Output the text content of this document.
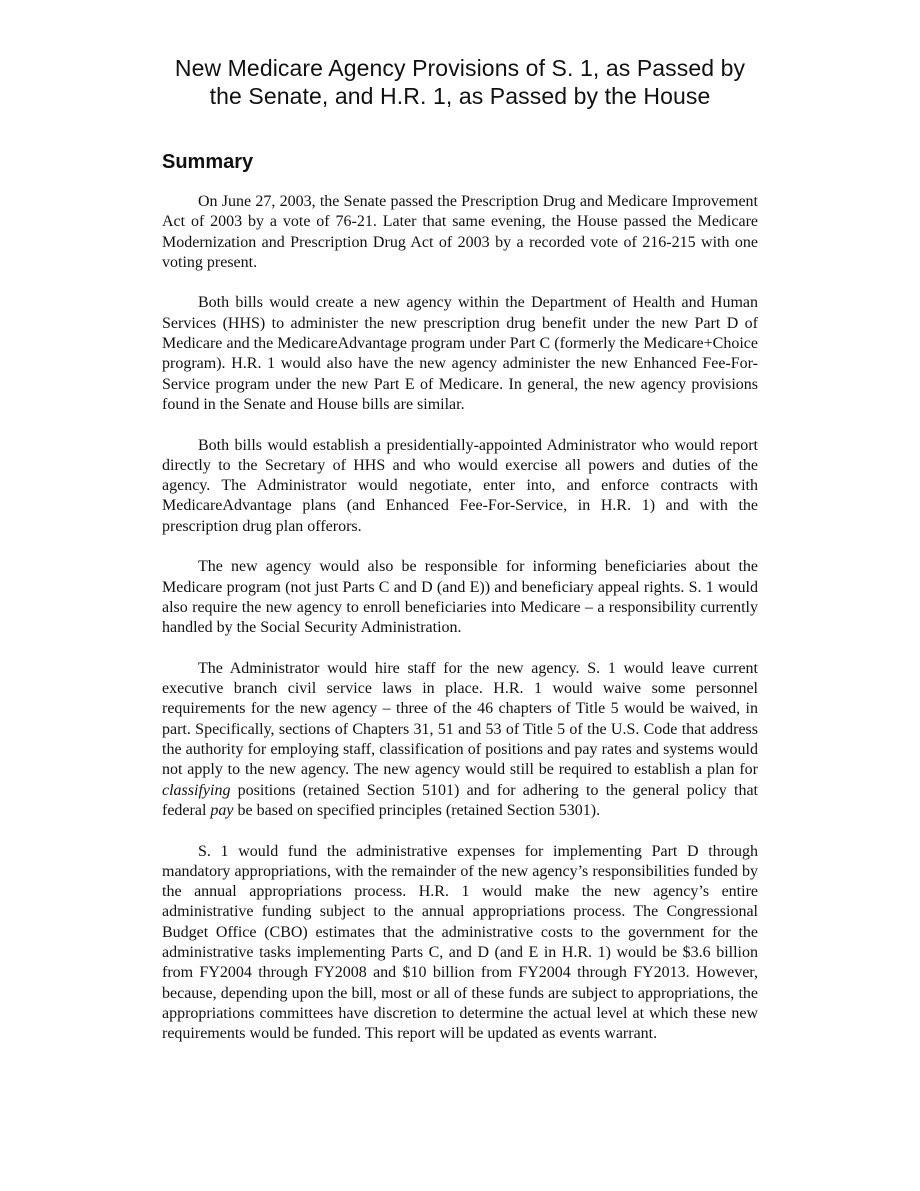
New Medicare Agency Provisions of S. 1, as Passed by
the Senate, and H.R. 1, as Passed by the House
Summary

On June 27, 2003, the Senate passed the Prescription Drug and Medicare Improvement Act of 2003 by a vote of 76-21. Later that same evening, the House passed the Medicare Modernization and Prescription Drug Act of 2003 by a recorded vote of 216-215 with one voting present.

Both bills would create a new agency within the Department of Health and Human Services (HHS) to administer the new prescription drug benefit under the new Part D of Medicare and the MedicareAdvantage program under Part C (formerly the Medicare+Choice program). H.R. 1 would also have the new agency administer the new Enhanced Fee-For-Service program under the new Part E of Medicare. In general, the new agency provisions found in the Senate and House bills are similar.

Both bills would establish a presidentially-appointed Administrator who would report directly to the Secretary of HHS and who would exercise all powers and duties of the agency. The Administrator would negotiate, enter into, and enforce contracts with MedicareAdvantage plans (and Enhanced Fee-For-Service, in H.R. 1) and with the prescription drug plan offerors.

The new agency would also be responsible for informing beneficiaries about the Medicare program (not just Parts C and D (and E)) and beneficiary appeal rights. S. 1 would also require the new agency to enroll beneficiaries into Medicare – a responsibility currently handled by the Social Security Administration.

The Administrator would hire staff for the new agency. S. 1 would leave current executive branch civil service laws in place. H.R. 1 would waive some personnel requirements for the new agency – three of the 46 chapters of Title 5 would be waived, in part. Specifically, sections of Chapters 31, 51 and 53 of Title 5 of the U.S. Code that address the authority for employing staff, classification of positions and pay rates and systems would not apply to the new agency. The new agency would still be required to establish a plan for classifying positions (retained Section 5101) and for adhering to the general policy that federal pay be based on specified principles (retained Section 5301).

S. 1 would fund the administrative expenses for implementing Part D through mandatory appropriations, with the remainder of the new agency’s responsibilities funded by the annual appropriations process. H.R. 1 would make the new agency’s entire administrative funding subject to the annual appropriations process. The Congressional Budget Office (CBO) estimates that the administrative costs to the government for the administrative tasks implementing Parts C, and D (and E in H.R. 1) would be $3.6 billion from FY2004 through FY2008 and $10 billion from FY2004 through FY2013. However, because, depending upon the bill, most or all of these funds are subject to appropriations, the appropriations committees have discretion to determine the actual level at which these new requirements would be funded. This report will be updated as events warrant.
